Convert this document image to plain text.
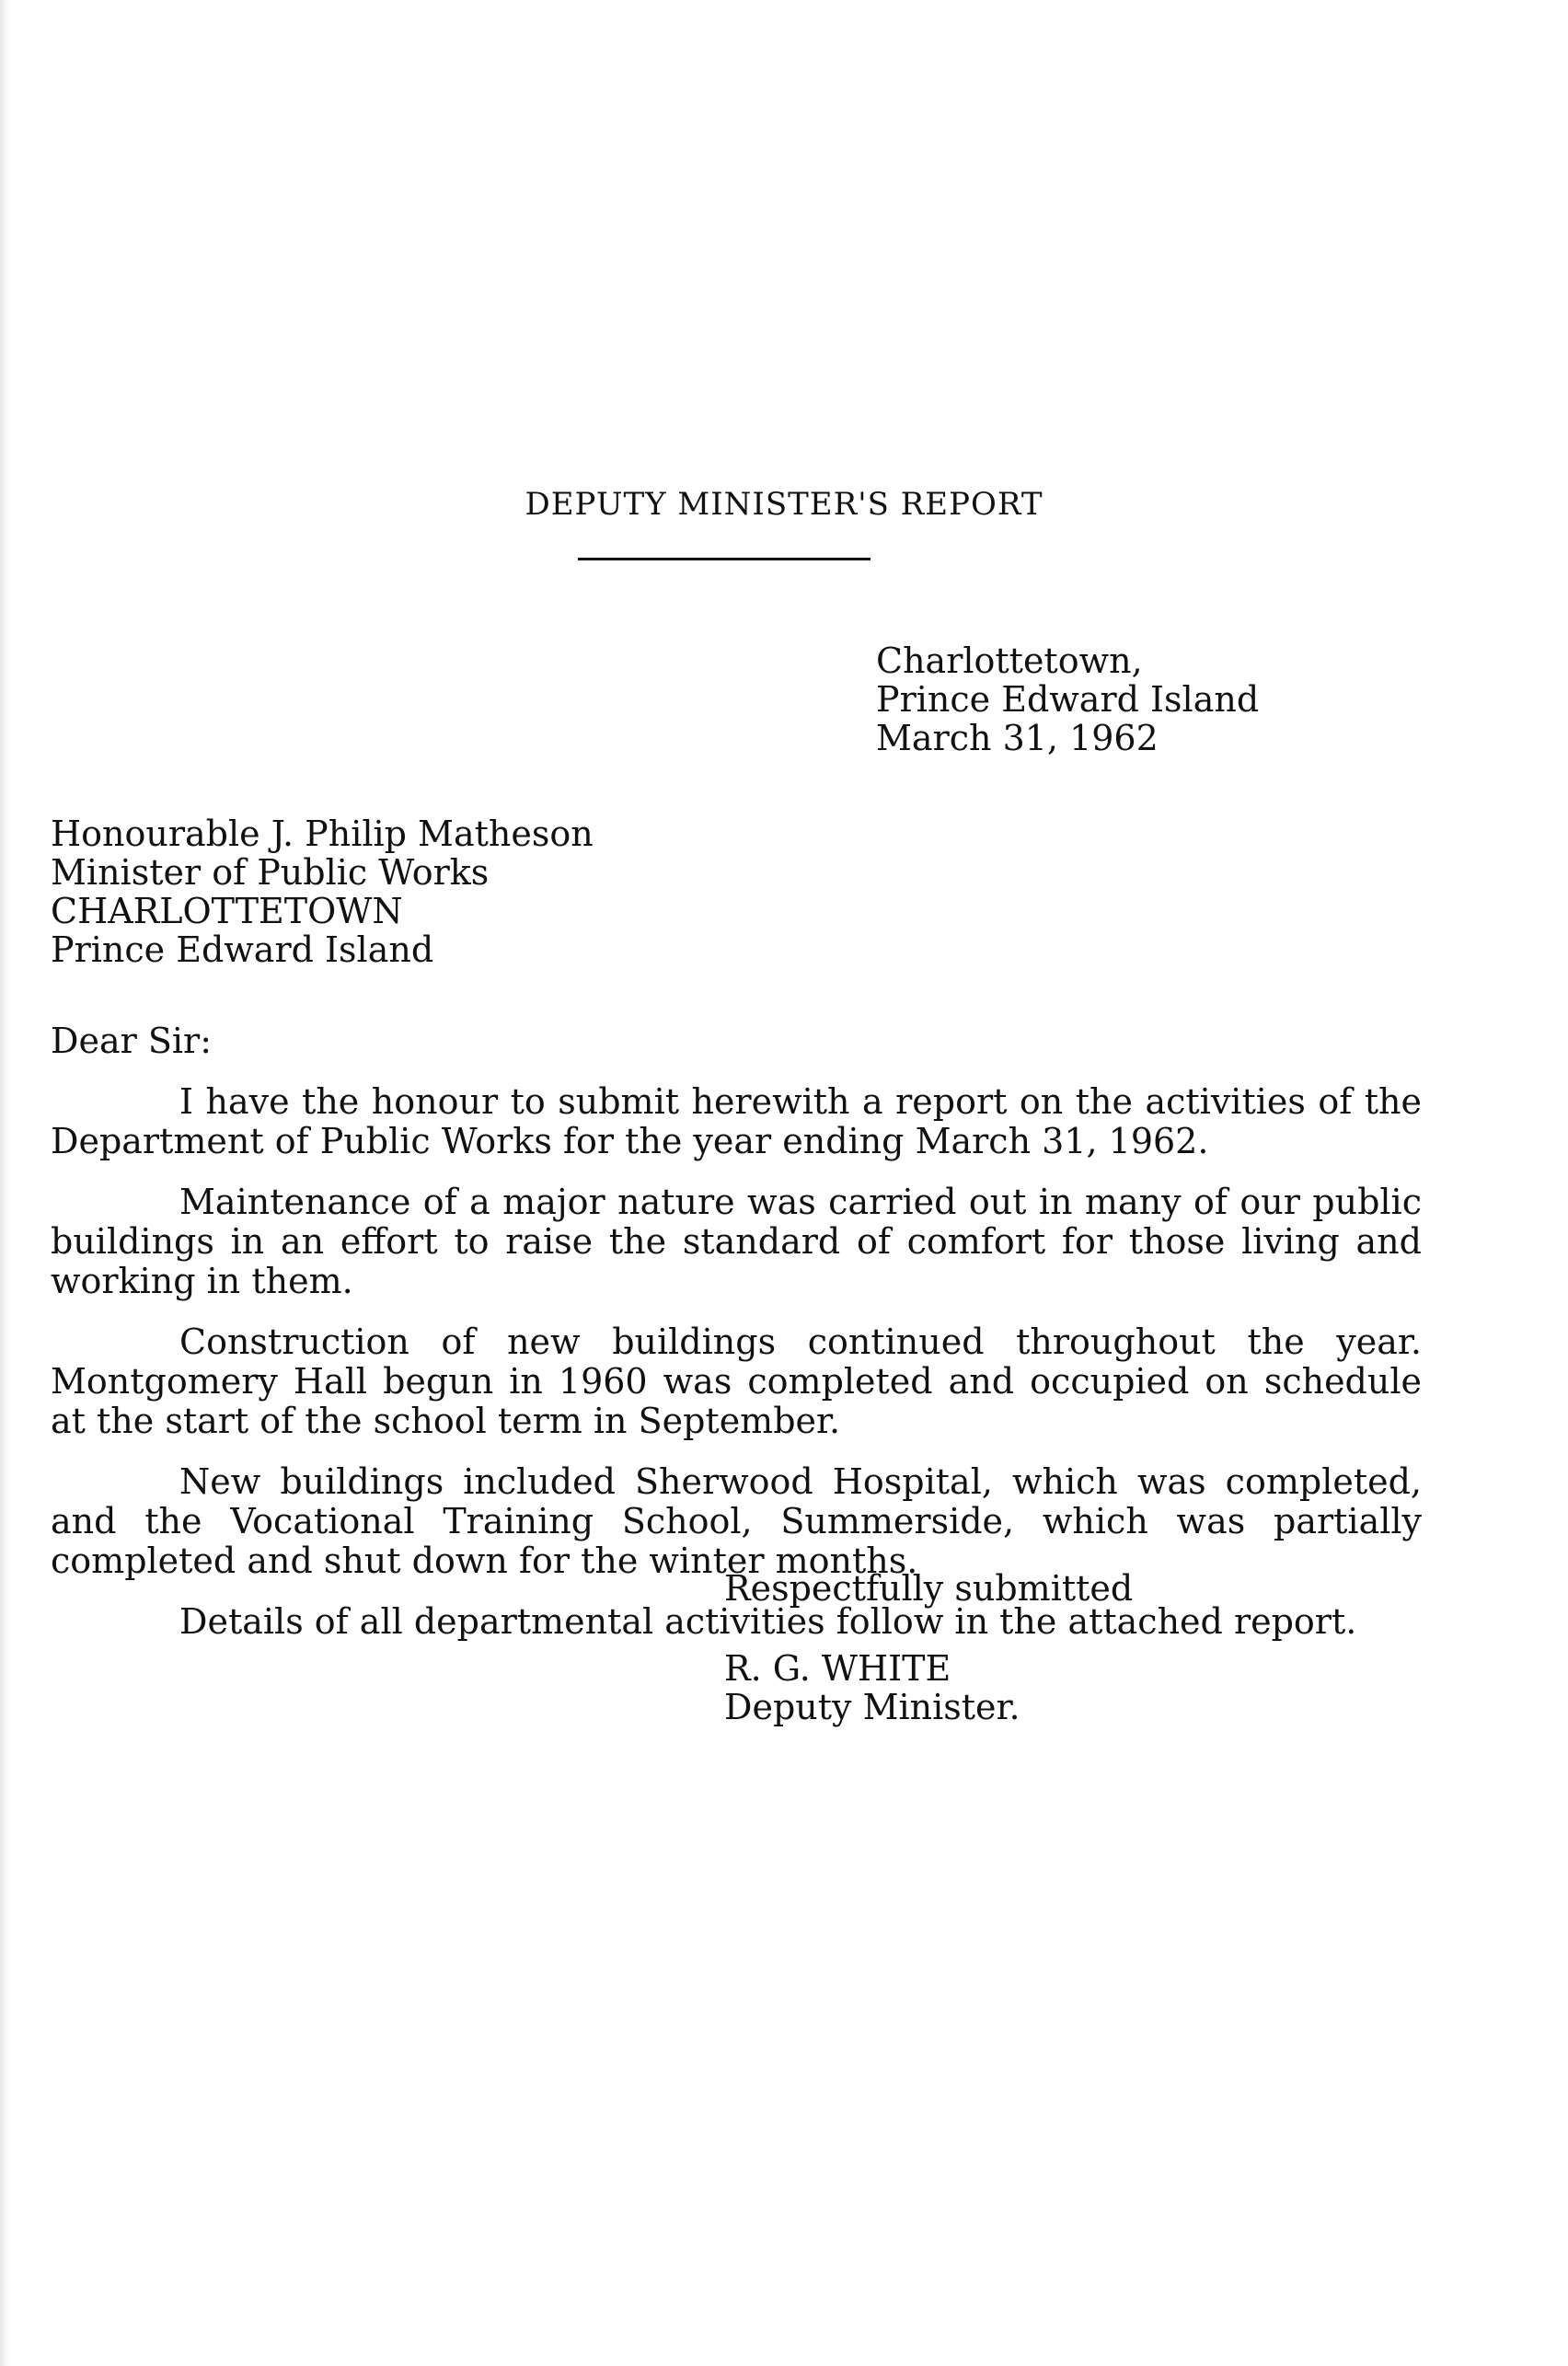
DEPUTY MINISTER'S REPORT
Charlottetown,
Prince Edward Island
March 31, 1962
Honourable J. Philip Matheson
Minister of Public Works
CHARLOTTETOWN
Prince Edward Island
Dear Sir:

I have the honour to submit herewith a report on the activities of the Department of Public Works for the year ending March 31, 1962.

Maintenance of a major nature was carried out in many of our public buildings in an effort to raise the standard of comfort for those living and working in them.

Construction of new buildings continued throughout the year. Montgomery Hall begun in 1960 was completed and occupied on schedule at the start of the school term in September.

New buildings included Sherwood Hospital, which was completed, and the Vocational Training School, Summerside, which was partially completed and shut down for the winter months.

Details of all departmental activities follow in the attached report.

Respectfully submitted
R. G. WHITE
Deputy Minister.
